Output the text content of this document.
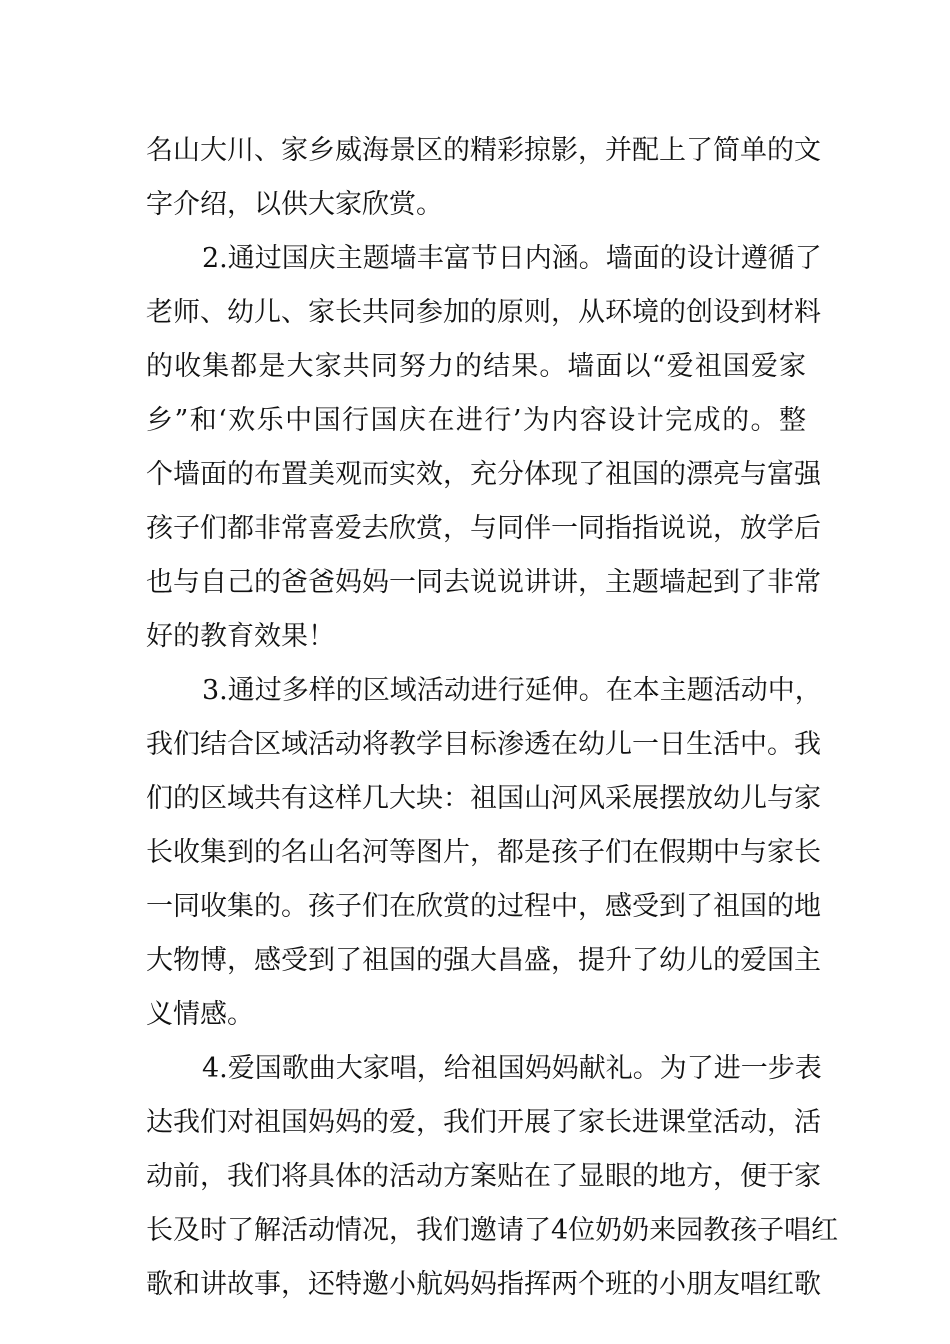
名山大川、家乡威海景区的精彩掠影，并配上了简单的文
字介绍，以供大家欣赏。
2.通过国庆主题墙丰富节日内涵。墙面的设计遵循了
老师、幼儿、家长共同参加的原则，从环境的创设到材料
的收集都是大家共同努力的结果。墙面以“爱祖国爱家
乡”和‘欢乐中国行国庆在进行’为内容设计完成的。整
个墙面的布置美观而实效，充分体现了祖国的漂亮与富强
孩子们都非常喜爱去欣赏，与同伴一同指指说说，放学后
也与自己的爸爸妈妈一同去说说讲讲，主题墙起到了非常
好的教育效果！
3.通过多样的区域活动进行延伸。在本主题活动中，
我们结合区域活动将教学目标渗透在幼儿一日生活中。我
们的区域共有这样几大块：祖国山河风采展摆放幼儿与家
长收集到的名山名河等图片，都是孩子们在假期中与家长
一同收集的。孩子们在欣赏的过程中，感受到了祖国的地
大物博，感受到了祖国的强大昌盛，提升了幼儿的爱国主
义情感。
4.爱国歌曲大家唱，给祖国妈妈献礼。为了进一步表
达我们对祖国妈妈的爱，我们开展了家长进课堂活动，活
动前，我们将具体的活动方案贴在了显眼的地方，便于家
长及时了解活动情况，我们邀请了4位奶奶来园教孩子唱红
歌和讲故事，还特邀小航妈妈指挥两个班的小朋友唱红歌
